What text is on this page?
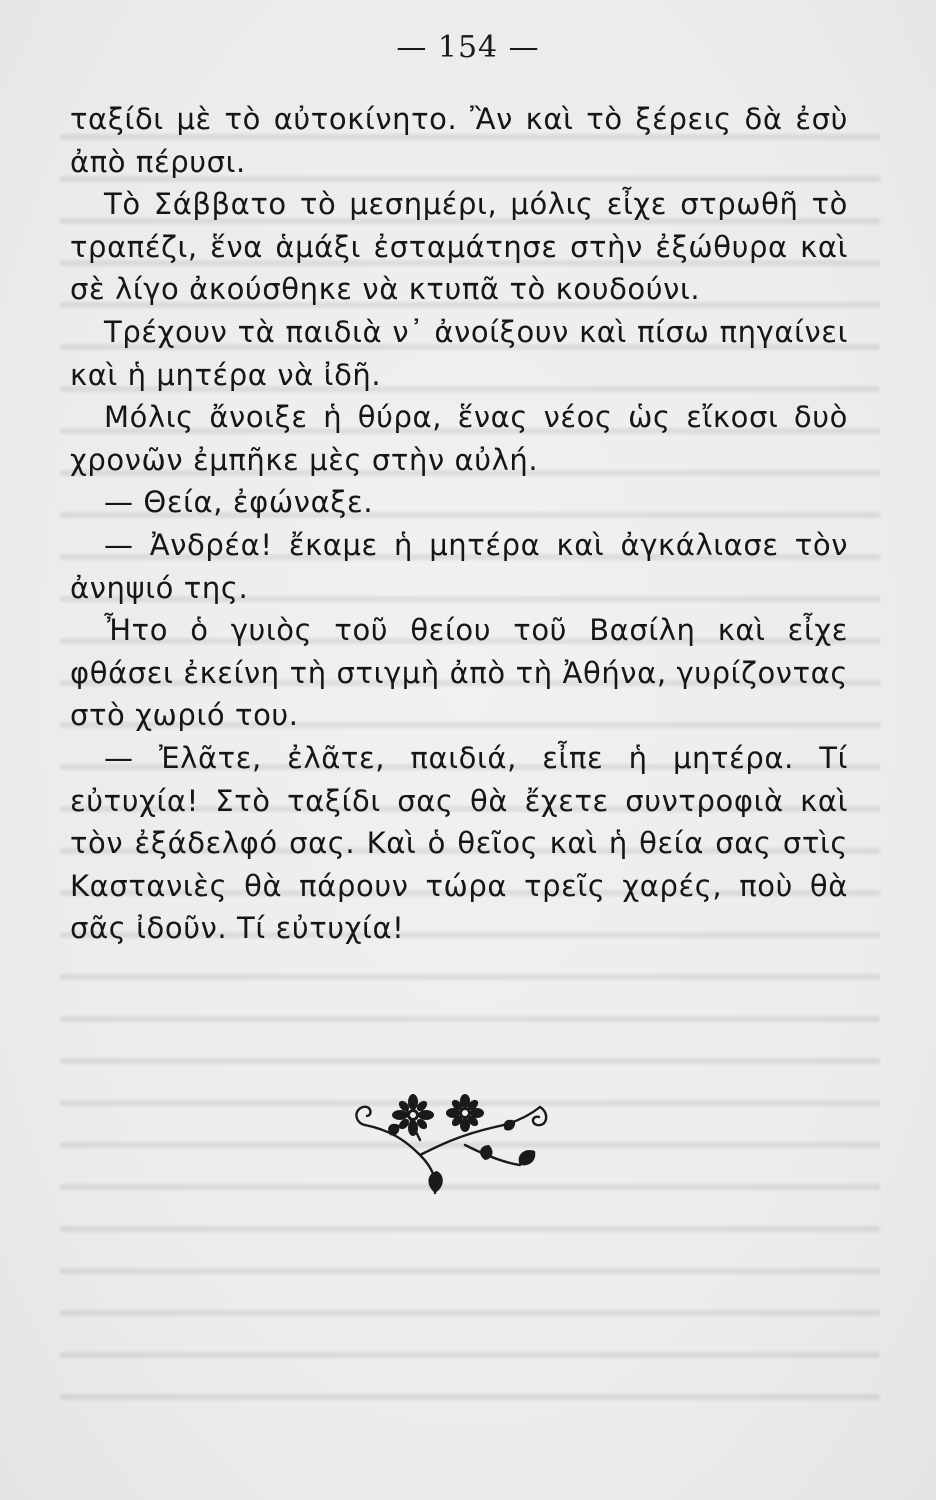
— 154 —

ταξίδι μὲ τὸ αὐτοκίνητο. Ἂν καὶ τὸ ξέρεις δὰ ἐσὺ ἀπὸ πέρυσι.

Τὸ Σάββατο τὸ μεσημέρι, μόλις εἶχε στρωθῆ τὸ τραπέζι, ἕνα ἁμάξι ἐσταμάτησε στὴν ἐξώθυρα καὶ σὲ λίγο ἀκούσθηκε νὰ κτυπᾶ τὸ κουδούνι.

Τρέχουν τὰ παιδιὰ ν᾿ ἀνοίξουν καὶ πίσω πηγαίνει καὶ ἡ μητέρα νὰ ἰδῆ.

Μόλις ἄνοιξε ἡ θύρα, ἕνας νέος ὡς εἴκοσι δυὸ χρονῶν ἐμπῆκε μὲς στὴν αὐλή.

— Θεία, ἐφώναξε.

— Ἀνδρέα! ἔκαμε ἡ μητέρα καὶ ἀγκάλιασε τὸν ἀνηψιό της.

Ἦτο ὁ γυιὸς τοῦ θείου τοῦ Βασίλη καὶ εἶχε φθάσει ἐκείνη τὴ στιγμὴ ἀπὸ τὴ Ἀθήνα, γυρίζοντας στὸ χωριό του.

— Ἐλᾶτε, ἐλᾶτε, παιδιά, εἶπε ἡ μητέρα. Τί εὐτυχία! Στὸ ταξίδι σας θὰ ἔχετε συντροφιὰ καὶ τὸν ἐξάδελφό σας. Καὶ ὁ θεῖος καὶ ἡ θεία σας στὶς Καστανιὲς θὰ πάρουν τώρα τρεῖς χαρές, ποὺ θὰ σᾶς ἰδοῦν. Τί εὐτυχία!
